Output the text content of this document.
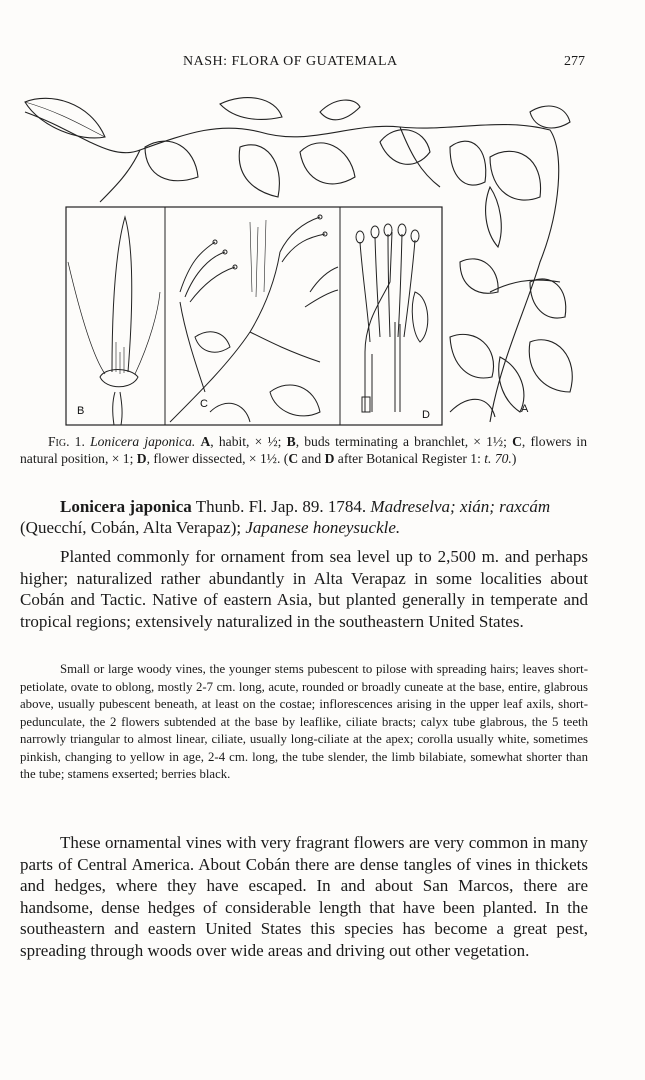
NASH: FLORA OF GUATEMALA	277
B
C
D	A
Fig. 1. Lonicera japonica. A, habit, × ½; B, buds terminating a branchlet, × 1½; C, flowers in natural position, × 1; D, flower dissected, × 1½. (C and D after Botanical Register 1: t. 70.)
Lonicera japonica Thunb. Fl. Jap. 89. 1784. Madreselva; xián; raxcám (Quecchí, Cobán, Alta Verapaz); Japanese honeysuckle.
Planted commonly for ornament from sea level up to 2,500 m. and perhaps higher; naturalized rather abundantly in Alta Verapaz in some localities about Cobán and Tactic. Native of eastern Asia, but planted generally in temperate and tropical regions; extensively naturalized in the southeastern United States.
Small or large woody vines, the younger stems pubescent to pilose with spreading hairs; leaves short-petiolate, ovate to oblong, mostly 2-7 cm. long, acute, rounded or broadly cuneate at the base, entire, glabrous above, usually pubescent beneath, at least on the costae; inflorescences arising in the upper leaf axils, short-pedunculate, the 2 flowers subtended at the base by leaflike, ciliate bracts; calyx tube glabrous, the 5 teeth narrowly triangular to almost linear, ciliate, usually long-ciliate at the apex; corolla usually white, sometimes pinkish, changing to yellow in age, 2-4 cm. long, the tube slender, the limb bilabiate, somewhat shorter than the tube; stamens exserted; berries black.
These ornamental vines with very fragrant flowers are very common in many parts of Central America. About Cobán there are dense tangles of vines in thickets and hedges, where they have escaped. In and about San Marcos, there are handsome, dense hedges of considerable length that have been planted. In the southeastern and eastern United States this species has become a great pest, spreading through woods over wide areas and driving out other vegetation.
